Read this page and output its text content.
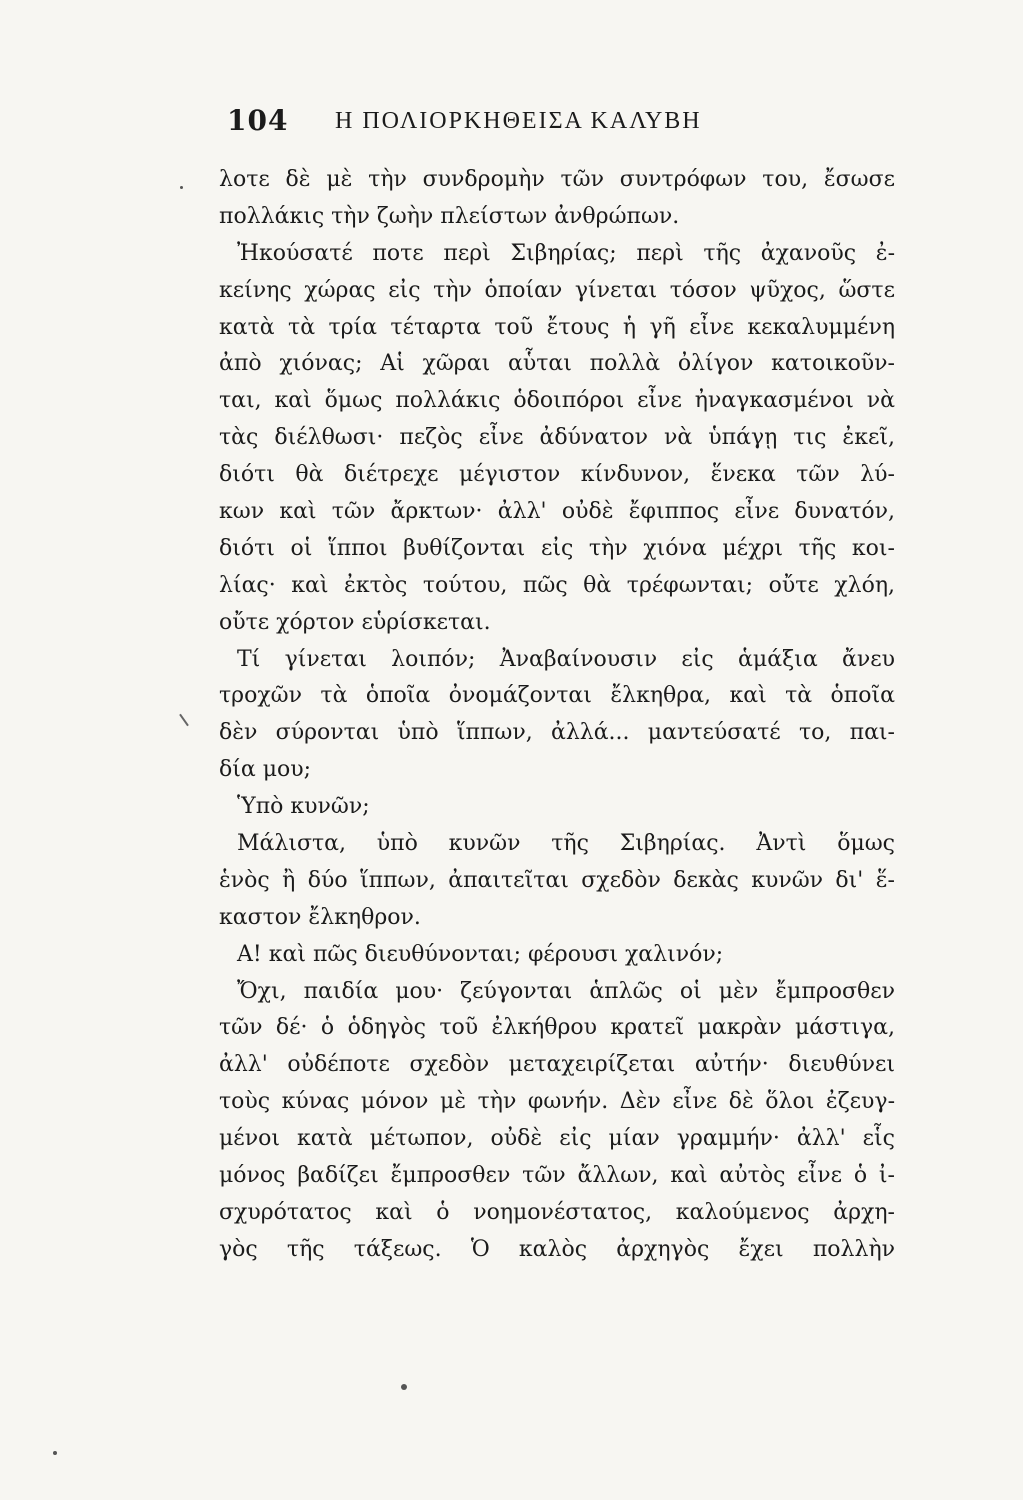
104 Η ΠΟΛΙΟΡΚΗΘΕΙΣΑ ΚΑΛΥΒΗ
λοτε δὲ μὲ τὴν συνδρομὴν τῶν συντρόφων του, ἔσωσε
πολλάκις τὴν ζωὴν πλείστων ἀνθρώπων.
Ἠκούσατέ ποτε περὶ Σιβηρίας; περὶ τῆς ἀχανοῦς ἐ-
κείνης χώρας εἰς τὴν ὁποίαν γίνεται τόσον ψῦχος, ὥστε
κατὰ τὰ τρία τέταρτα τοῦ ἔτους ἡ γῆ εἶνε κεκαλυμμένη
ἀπὸ χιόνας; Αἱ χῶραι αὗται πολλὰ ὀλίγον κατοικοῦν-
ται, καὶ ὅμως πολλάκις ὁδοιπόροι εἶνε ἠναγκασμένοι νὰ
τὰς διέλθωσι· πεζὸς εἶνε ἀδύνατον νὰ ὑπάγῃ τις ἐκεῖ,
διότι θὰ διέτρεχε μέγιστον κίνδυνον, ἕνεκα τῶν λύ-
κων καὶ τῶν ἄρκτων· ἀλλ' οὐδὲ ἔφιππος εἶνε δυνατόν,
διότι οἱ ἵπποι βυθίζονται εἰς τὴν χιόνα μέχρι τῆς κοι-
λίας· καὶ ἐκτὸς τούτου, πῶς θὰ τρέφωνται; οὔτε χλόη,
οὔτε χόρτον εὑρίσκεται.
Τί γίνεται λοιπόν; Ἀναβαίνουσιν εἰς ἁμάξια ἄνευ
τροχῶν τὰ ὁποῖα ὀνομάζονται ἔλκηθρα, καὶ τὰ ὁποῖα
δὲν σύρονται ὑπὸ ἵππων, ἀλλά... μαντεύσατέ το, παι-
δία μου;
Ὑπὸ κυνῶν;
Μάλιστα, ὑπὸ κυνῶν τῆς Σιβηρίας. Ἀντὶ ὅμως
ἑνὸς ἢ δύο ἵππων, ἀπαιτεῖται σχεδὸν δεκὰς κυνῶν δι' ἕ-
καστον ἔλκηθρον.
Α! καὶ πῶς διευθύνονται; φέρουσι χαλινόν;
Ὄχι, παιδία μου· ζεύγονται ἁπλῶς οἱ μὲν ἔμπροσθεν
τῶν δέ· ὁ ὁδηγὸς τοῦ ἐλκήθρου κρατεῖ μακρὰν μάστιγα,
ἀλλ' οὐδέποτε σχεδὸν μεταχειρίζεται αὐτήν· διευθύνει
τοὺς κύνας μόνον μὲ τὴν φωνήν. Δὲν εἶνε δὲ ὅλοι ἐζευγ-
μένοι κατὰ μέτωπον, οὐδὲ εἰς μίαν γραμμήν· ἀλλ' εἷς
μόνος βαδίζει ἔμπροσθεν τῶν ἄλλων, καὶ αὐτὸς εἶνε ὁ ἰ-
σχυρότατος καὶ ὁ νοημονέστατος, καλούμενος ἀρχη-
γὸς τῆς τάξεως. Ὁ καλὸς ἀρχηγὸς ἔχει πολλὴν
